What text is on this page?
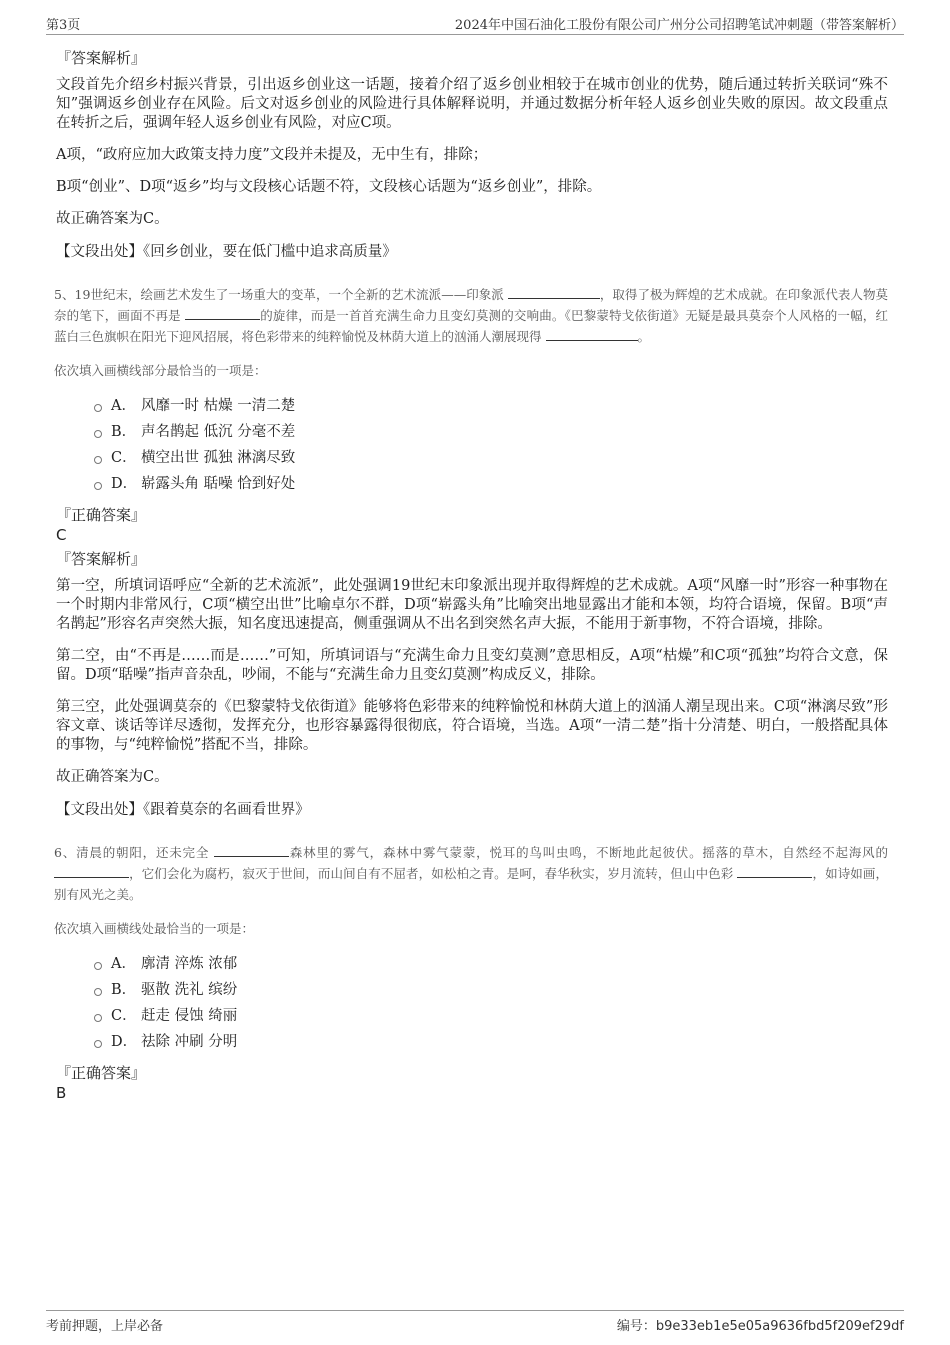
第3页	2024年中国石油化工股份有限公司广州分公司招聘笔试冲刺题（带答案解析）
『答案解析』

文段首先介绍乡村振兴背景，引出返乡创业这一话题，接着介绍了返乡创业相较于在城市创业的优势，随后通过转折关联词“殊不知”强调返乡创业存在风险。后文对返乡创业的风险进行具体解释说明，并通过数据分析年轻人返乡创业失败的原因。故文段重点在转折之后，强调年轻人返乡创业有风险，对应C项。

A项，“政府应加大政策支持力度”文段并未提及，无中生有，排除；

B项“创业”、D项“返乡”均与文段核心话题不符，文段核心话题为“返乡创业”，排除。

故正确答案为C。

【文段出处】《回乡创业，要在低门槛中追求高质量》

5、19世纪末，绘画艺术发生了一场重大的变革，一个全新的艺术流派——印象派	，取得了极为辉煌的艺术成就。在印象派代表人物莫奈的笔下，画面不再是	的旋律，而是一首首充满生命力且变幻莫测的交响曲。《巴黎蒙特戈依街道》无疑是最具莫奈个人风格的一幅，红蓝白三色旗帜在阳光下迎风招展，将色彩带来的纯粹愉悦及林荫大道上的汹涌人潮展现得	。

依次填入画横线部分最恰当的一项是：

A． 风靡一时 枯燥 一清二楚
B． 声名鹊起 低沉 分毫不差
C． 横空出世 孤独 淋漓尽致
D． 崭露头角 聒噪 恰到好处
『正确答案』
C
『答案解析』

第一空，所填词语呼应“全新的艺术流派”，此处强调19世纪末印象派出现并取得辉煌的艺术成就。A项“风靡一时”形容一种事物在一个时期内非常风行，C项“横空出世”比喻卓尔不群，D项“崭露头角”比喻突出地显露出才能和本领，均符合语境，保留。B项“声名鹊起”形容名声突然大振，知名度迅速提高，侧重强调从不出名到突然名声大振，不能用于新事物，不符合语境，排除。

第二空，由“不再是……而是……”可知，所填词语与“充满生命力且变幻莫测”意思相反，A项“枯燥”和C项“孤独”均符合文意，保留。D项“聒噪”指声音杂乱，吵闹，不能与“充满生命力且变幻莫测”构成反义，排除。

第三空，此处强调莫奈的《巴黎蒙特戈依街道》能够将色彩带来的纯粹愉悦和林荫大道上的汹涌人潮呈现出来。C项“淋漓尽致”形容文章、谈话等详尽透彻，发挥充分，也形容暴露得很彻底，符合语境，当选。A项“一清二楚”指十分清楚、明白，一般搭配具体的事物，与“纯粹愉悦”搭配不当，排除。

故正确答案为C。

【文段出处】《跟着莫奈的名画看世界》

6、清晨的朝阳，还未完全	森林里的雾气，森林中雾气蒙蒙，悦耳的鸟叫虫鸣，不断地此起彼伏。摇落的草木，自然经不起海风的，它们会化为腐朽，寂灭于世间，而山间自有不屈者，如松柏之青。是呵，春华秋实，岁月流转，但山中色彩	，如诗如画，别有风光之美。

依次填入画横线处最恰当的一项是：

A． 廓清 淬炼 浓郁
B． 驱散 洗礼 缤纷
C． 赶走 侵蚀 绮丽
D． 祛除 冲刷 分明
『正确答案』
B
考前押题，上岸必备	编号：b9e33eb1e5e05a9636fbd5f209ef29df
